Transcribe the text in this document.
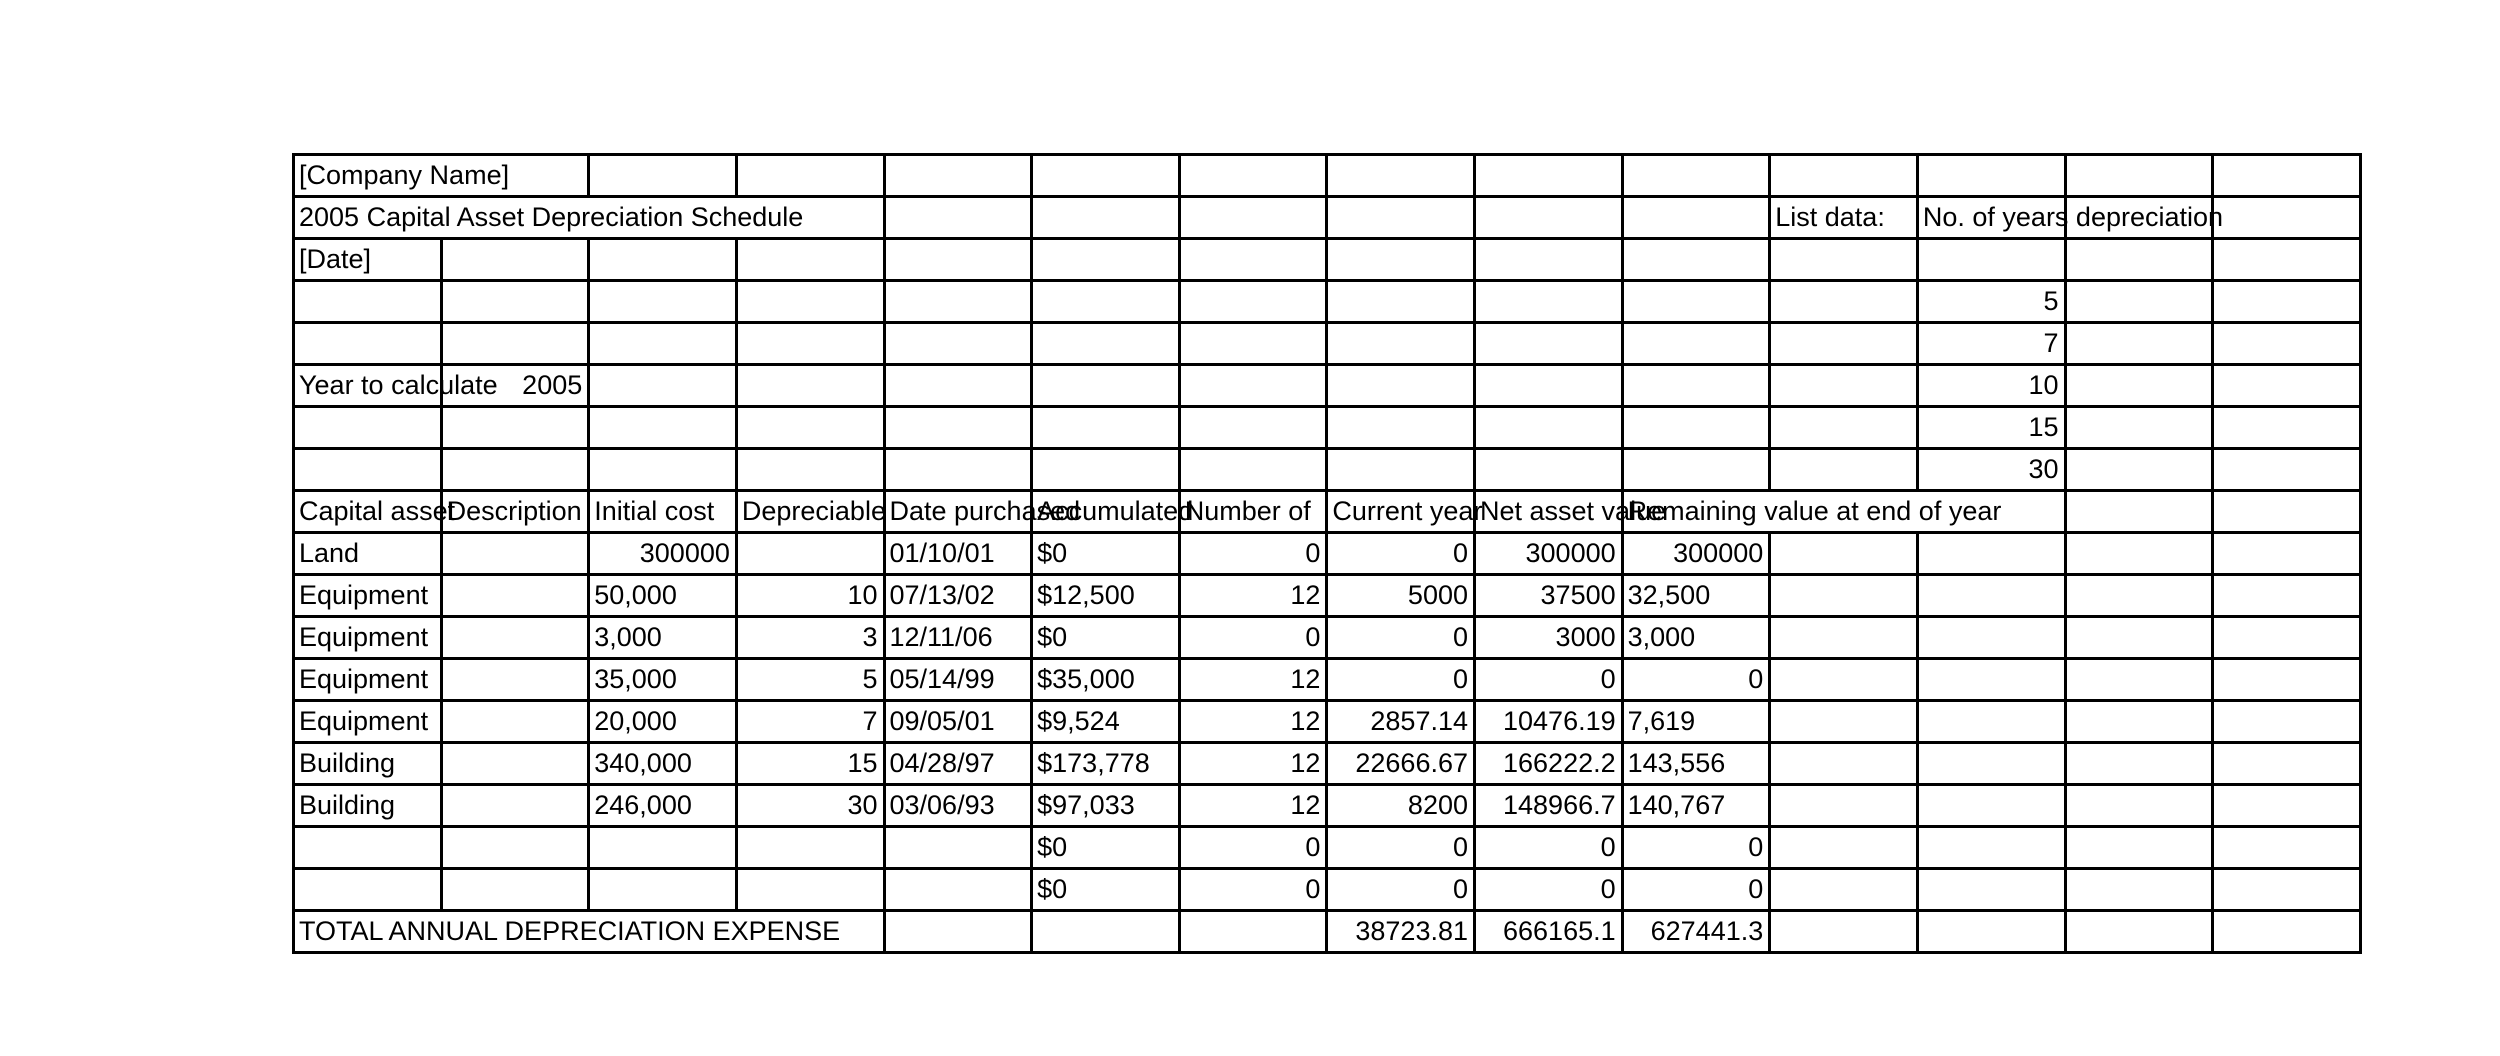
[Company Name]													
2005 Capital Asset Depreciation Schedule										List data:	No. of years depreciation		
[Date]													
											5		
											7		
Year to calculate	2005										10		
											15		
											30		
Capital asset	Description	Initial cost	Depreciable	Date purchased	Accumulated	Number of	Current year	Net asset value	Remaining value at end of year				
Land		300000		01/10/01	$0	0	0	300000	300000				
Equipment		50,000	10	07/13/02	$12,500	12	5000	37500	32,500				
Equipment		3,000	3	12/11/06	$0	0	0	3000	3,000				
Equipment		35,000	5	05/14/99	$35,000	12	0	0	0				
Equipment		20,000	7	09/05/01	$9,524	12	2857.14	10476.19	7,619				
Building		340,000	15	04/28/97	$173,778	12	22666.67	166222.2	143,556				
Building		246,000	30	03/06/93	$97,033	12	8200	148966.7	140,767				
					$0	0	0	0	0				
					$0	0	0	0	0				
TOTAL ANNUAL DEPRECIATION EXPENSE							38723.81	666165.1	627441.3				
